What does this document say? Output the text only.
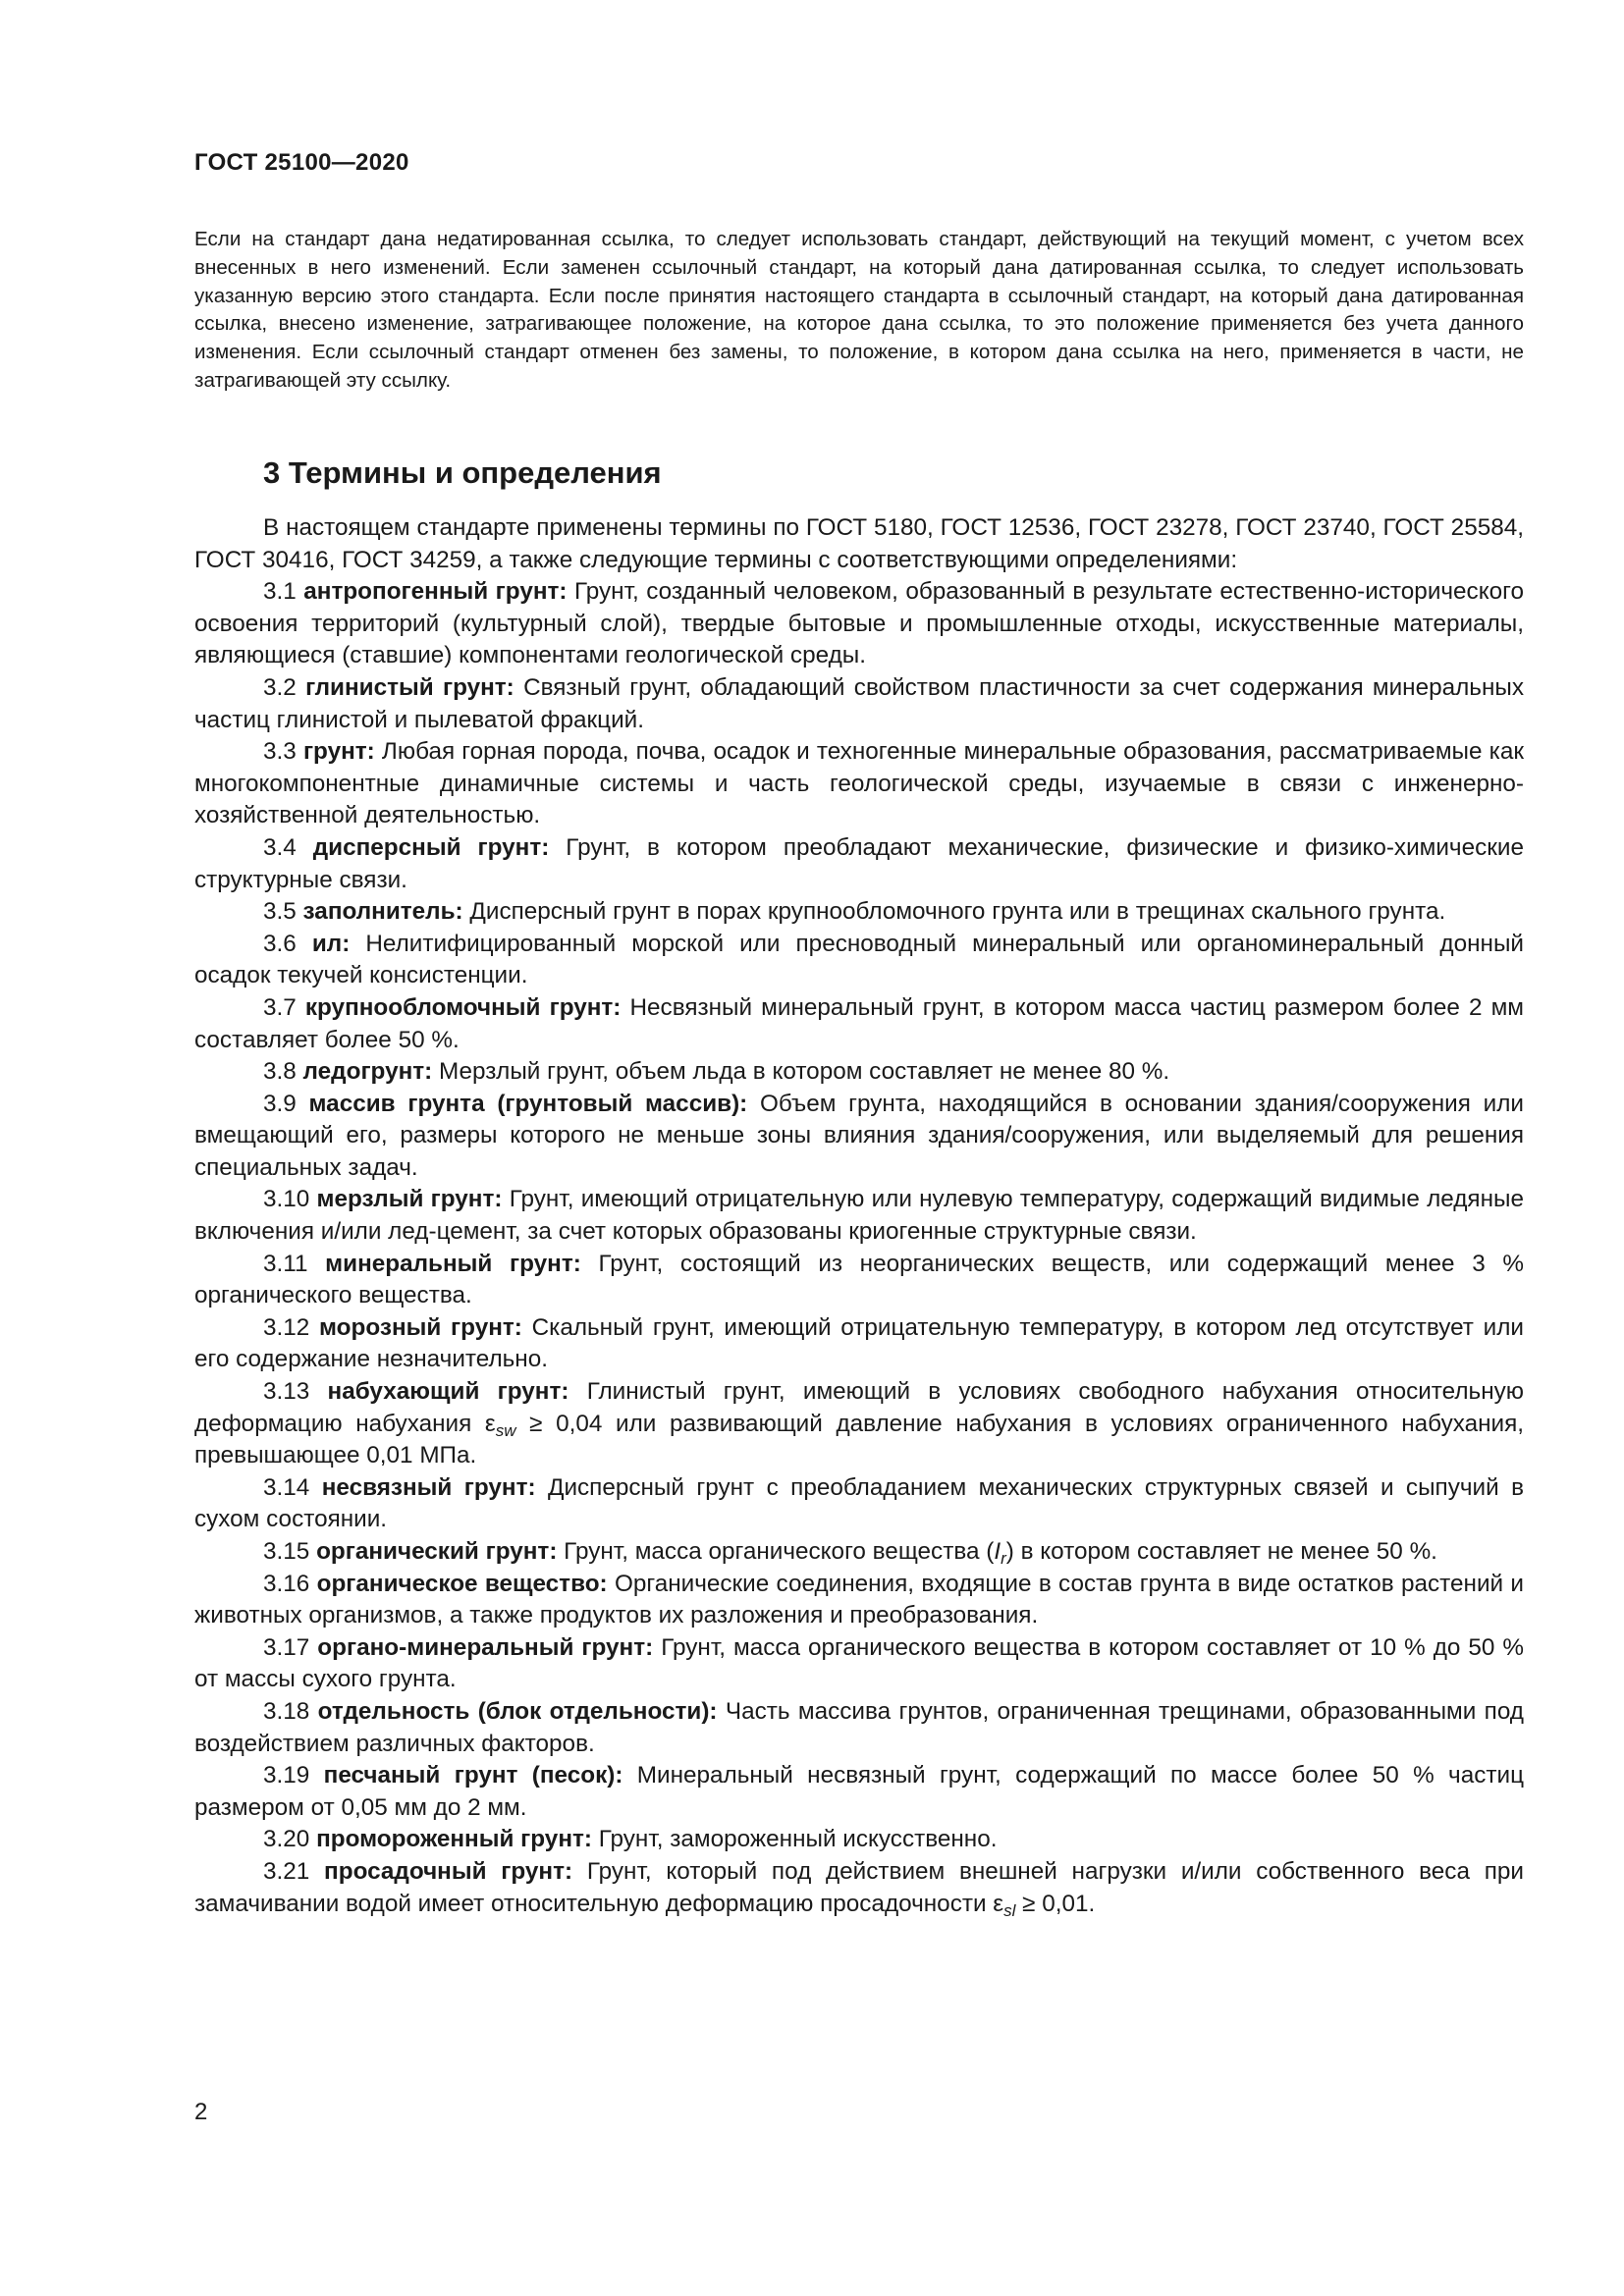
ГОСТ 25100—2020
Если на стандарт дана недатированная ссылка, то следует использовать стандарт, действующий на текущий момент, с учетом всех внесенных в него изменений. Если заменен ссылочный стандарт, на который дана датированная ссылка, то следует использовать указанную версию этого стандарта. Если после принятия настоящего стандарта в ссылочный стандарт, на который дана датированная ссылка, внесено изменение, затрагивающее положение, на которое дана ссылка, то это положение применяется без учета данного изменения. Если ссылочный стандарт отменен без замены, то положение, в котором дана ссылка на него, применяется в части, не затрагивающей эту ссылку.
3 Термины и определения

В настоящем стандарте применены термины по ГОСТ 5180, ГОСТ 12536, ГОСТ 23278, ГОСТ 23740, ГОСТ 25584, ГОСТ 30416, ГОСТ 34259, а также следующие термины с соответствующими определениями:

3.1 антропогенный грунт: Грунт, созданный человеком, образованный в результате естественно-исторического освоения территорий (культурный слой), твердые бытовые и промышленные отходы, искусственные материалы, являющиеся (ставшие) компонентами геологической среды.

3.2 глинистый грунт: Связный грунт, обладающий свойством пластичности за счет содержания минеральных частиц глинистой и пылеватой фракций.

3.3 грунт: Любая горная порода, почва, осадок и техногенные минеральные образования, рассматриваемые как многокомпонентные динамичные системы и часть геологической среды, изучаемые в связи с инженерно-хозяйственной деятельностью.

3.4 дисперсный грунт: Грунт, в котором преобладают механические, физические и физико-химические структурные связи.

3.5 заполнитель: Дисперсный грунт в порах крупнообломочного грунта или в трещинах скального грунта.

3.6 ил: Нелитифицированный морской или пресноводный минеральный или органоминеральный донный осадок текучей консистенции.

3.7 крупнообломочный грунт: Несвязный минеральный грунт, в котором масса частиц размером более 2 мм составляет более 50 %.

3.8 ледогрунт: Мерзлый грунт, объем льда в котором составляет не менее 80 %.

3.9 массив грунта (грунтовый массив): Объем грунта, находящийся в основании здания/сооружения или вмещающий его, размеры которого не меньше зоны влияния здания/сооружения, или выделяемый для решения специальных задач.

3.10 мерзлый грунт: Грунт, имеющий отрицательную или нулевую температуру, содержащий видимые ледяные включения и/или лед-цемент, за счет которых образованы криогенные структурные связи.

3.11 минеральный грунт: Грунт, состоящий из неорганических веществ, или содержащий менее 3 % органического вещества.

3.12 морозный грунт: Скальный грунт, имеющий отрицательную температуру, в котором лед отсутствует или его содержание незначительно.

3.13 набухающий грунт: Глинистый грунт, имеющий в условиях свободного набухания относительную деформацию набухания $\varepsilon_{sw} \ge 0,04$ или развивающий давление набухания в условиях ограниченного набухания, превышающее 0,01 МПа.

3.14 несвязный грунт: Дисперсный грунт с преобладанием механических структурных связей и сыпучий в сухом состоянии.

3.15 органический грунт: Грунт, масса органического вещества $(I_r)$ в котором составляет не менее 50 %.

3.16 органическое вещество: Органические соединения, входящие в состав грунта в виде остатков растений и животных организмов, а также продуктов их разложения и преобразования.

3.17 органо-минеральный грунт: Грунт, масса органического вещества в котором составляет от 10 % до 50 % от массы сухого грунта.

3.18 отдельность (блок отдельности): Часть массива грунтов, ограниченная трещинами, образованными под воздействием различных факторов.

3.19 песчаный грунт (песок): Минеральный несвязный грунт, содержащий по массе более 50 % частиц размером от 0,05 мм до 2 мм.

3.20 промороженный грунт: Грунт, замороженный искусственно.

3.21 просадочный грунт: Грунт, который под действием внешней нагрузки и/или собственного веса при замачивании водой имеет относительную деформацию просадочности $\varepsilon_{sl} \ge 0,01$.

2
